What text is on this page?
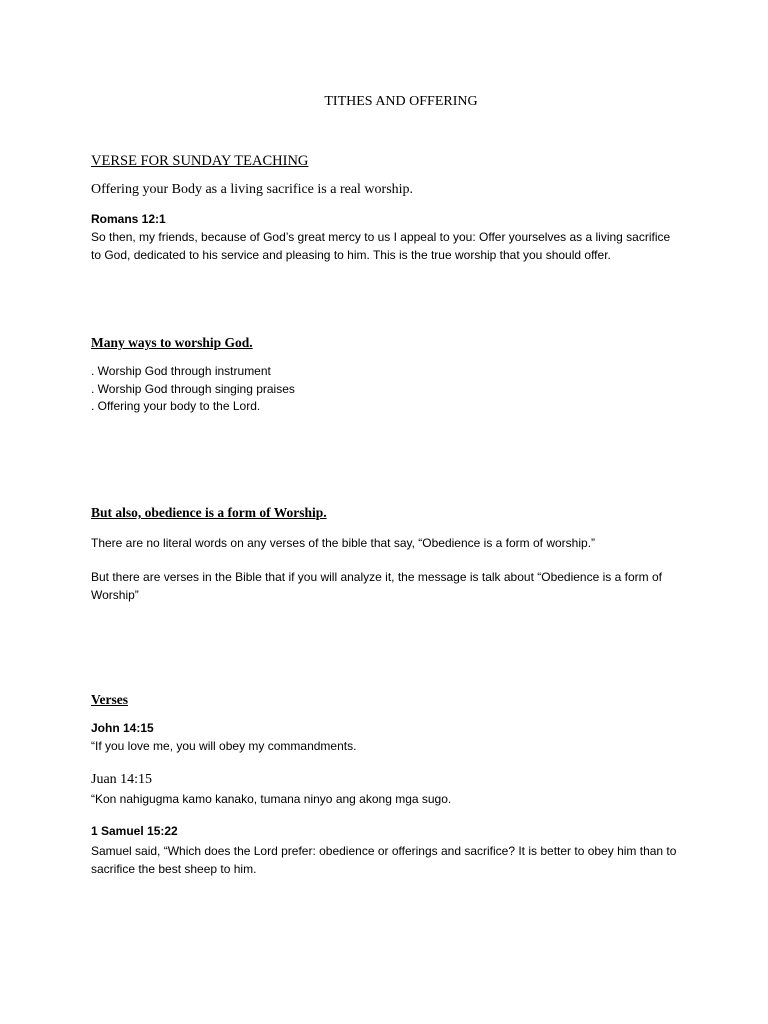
TITHES AND OFFERING
VERSE FOR SUNDAY TEACHING
Offering your Body as a living sacrifice is a real worship.
Romans 12:1
So then, my friends, because of God’s great mercy to us I appeal to you: Offer yourselves as a living sacrifice to God, dedicated to his service and pleasing to him. This is the true worship that you should offer.
Many ways to worship God.
. Worship God through instrument
. Worship God through singing praises
. Offering your body to the Lord.
But also, obedience is a form of Worship.
There are no literal words on any verses of the bible that say, “Obedience is a form of worship.”
But there are verses in the Bible that if you will analyze it, the message is talk about “Obedience is a form of Worship”
Verses
John 14:15
“If you love me, you will obey my commandments.
Juan 14:15
“Kon nahigugma kamo kanako, tumana ninyo ang akong mga sugo.
1 Samuel 15:22
Samuel said, “Which does the Lord prefer: obedience or offerings and sacrifice? It is better to obey him than to sacrifice the best sheep to him.
